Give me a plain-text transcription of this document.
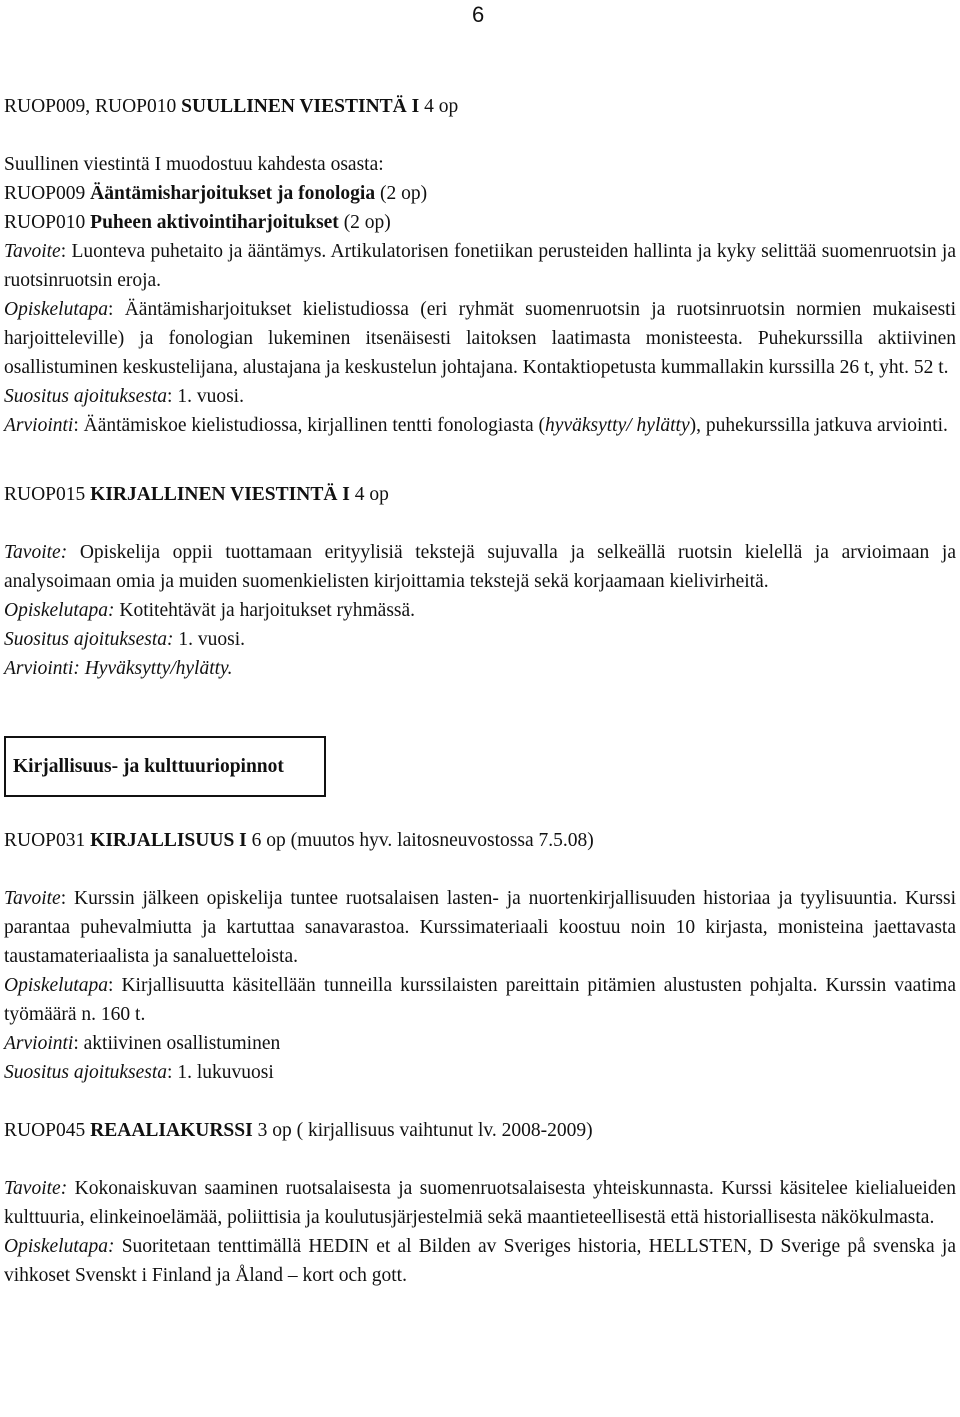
6

RUOP009, RUOP010 SUULLINEN VIESTINTÄ I 4 op

Suullinen viestintä I muodostuu kahdesta osasta:

RUOP009 Ääntämisharjoitukset ja fonologia (2 op)

RUOP010 Puheen aktivointiharjoitukset (2 op)

Tavoite: Luonteva puhetaito ja ääntämys. Artikulatorisen fonetiikan perusteiden hallinta ja kyky selittää suomenruotsin ja ruotsinruotsin eroja.

Opiskelutapa: Ääntämisharjoitukset kielistudiossa (eri ryhmät suomenruotsin ja ruotsinruotsin normien mukaisesti harjoitteleville) ja fonologian lukeminen itsenäisesti laitoksen laatimasta monisteesta. Puhekurssilla aktiivinen osallistuminen keskustelijana, alustajana ja keskustelun johtajana. Kontaktiopetusta kummallakin kurssilla 26 t, yht. 52 t.

Suositus ajoituksesta: 1. vuosi.

Arviointi: Ääntämiskoe kielistudiossa, kirjallinen tentti fonologiasta (hyväksytty/ hylätty), puhekurssilla jatkuva arviointi.

RUOP015 KIRJALLINEN VIESTINTÄ I 4 op

Tavoite: Opiskelija oppii tuottamaan erityylisiä tekstejä sujuvalla ja selkeällä ruotsin kielellä ja arvioimaan ja analysoimaan omia ja muiden suomenkielisten kirjoittamia tekstejä sekä korjaamaan kielivirheitä.

Opiskelutapa: Kotitehtävät ja harjoitukset ryhmässä.

Suositus ajoituksesta: 1. vuosi.

Arviointi: Hyväksytty/hylätty.

Kirjallisuus- ja kulttuuriopinnot

RUOP031 KIRJALLISUUS I 6 op (muutos hyv. laitosneuvostossa 7.5.08)

Tavoite: Kurssin jälkeen opiskelija tuntee ruotsalaisen lasten- ja nuortenkirjallisuuden historiaa ja tyylisuuntia. Kurssi parantaa puhevalmiutta ja kartuttaa sanavarastoa. Kurssimateriaali koostuu noin 10 kirjasta, monisteina jaettavasta taustamateriaalista ja sanaluetteloista.

Opiskelutapa: Kirjallisuutta käsitellään tunneilla kurssilaisten pareittain pitämien alustusten pohjalta. Kurssin vaatima työmäärä n. 160 t.

Arviointi: aktiivinen osallistuminen

Suositus ajoituksesta: 1. lukuvuosi

RUOP045 REAALIAKURSSI 3 op ( kirjallisuus vaihtunut lv. 2008-2009)

Tavoite: Kokonaiskuvan saaminen ruotsalaisesta ja suomenruotsalaisesta yhteiskunnasta. Kurssi käsitelee kielialueiden kulttuuria, elinkeinoelämää, poliittisia ja koulutusjärjestelmiä sekä maantieteellisestä että historiallisesta näkökulmasta.

Opiskelutapa: Suoritetaan tenttimällä HEDIN et al Bilden av Sveriges historia, HELLSTEN, D Sverige på svenska ja vihkoset Svenskt i Finland ja Åland – kort och gott.
